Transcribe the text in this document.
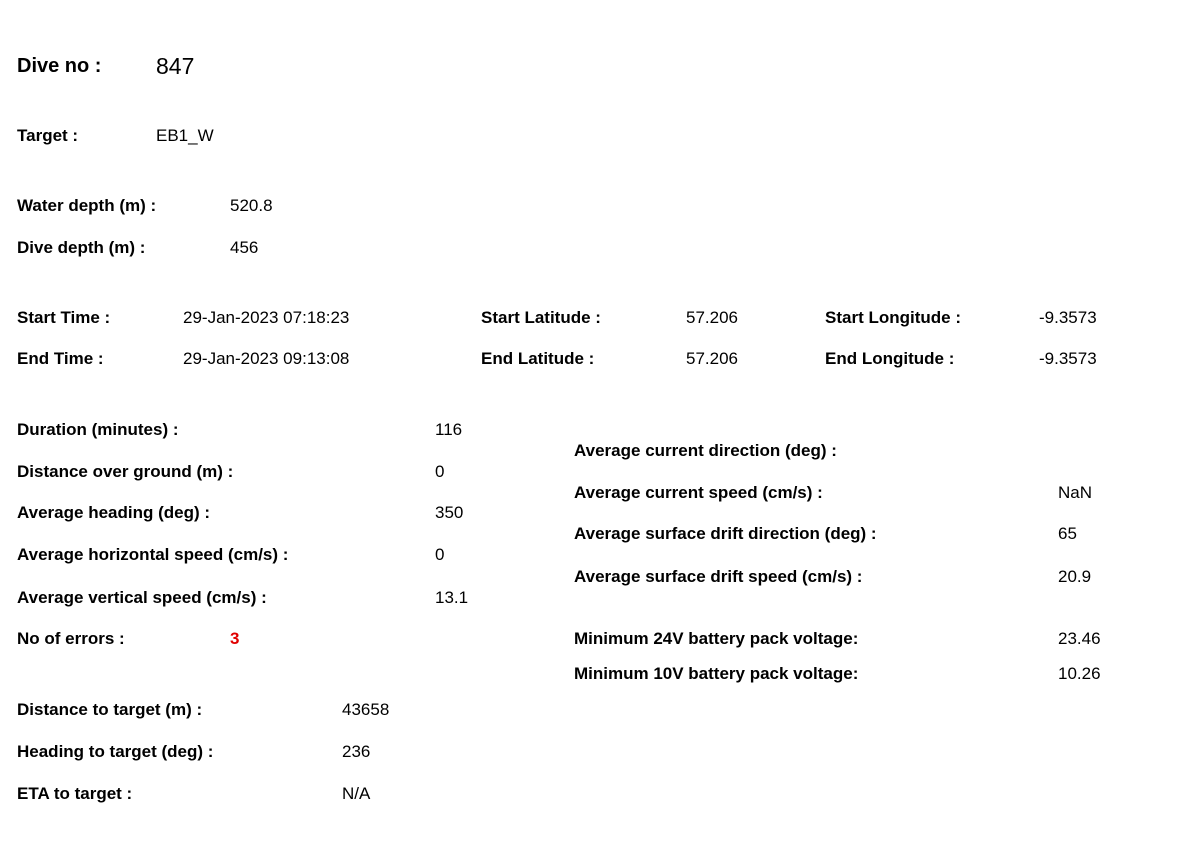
Dive no : 847
Target :	EB1_W
Water depth (m) :	520.8
Dive depth (m) :	456
Start Time :	29-Jan-2023 07:18:23
End Time :	29-Jan-2023 09:13:08
Start Latitude :	57.206
End Latitude :	57.206
Start Longitude :	-9.3573
End Longitude :	-9.3573
Duration (minutes) :	116
Distance over ground (m) :	0
Average heading (deg) :	350
Average horizontal speed (cm/s) :	0
Average vertical speed (cm/s) :	13.1
No of errors :	3
Average current direction (deg) :
Average current speed (cm/s) :	NaN
Average surface drift direction (deg) :	65
Average surface drift speed (cm/s) :	20.9
Minimum 24V battery pack voltage:	23.46
Minimum 10V battery pack voltage:	10.26
Distance to target (m) :	43658
Heading to target (deg) :	236
ETA to target :	N/A
